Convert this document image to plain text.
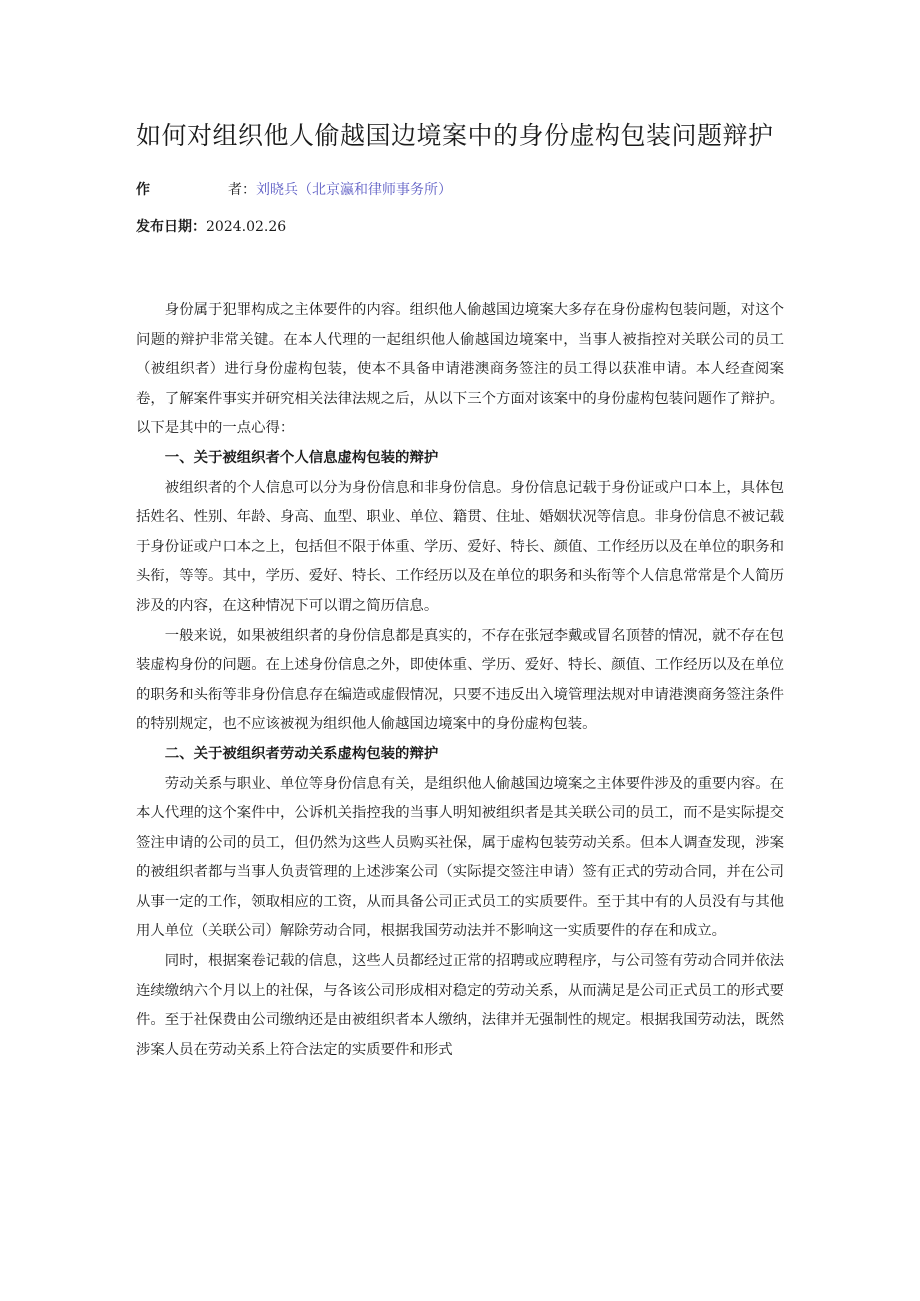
如何对组织他人偷越国边境案中的身份虚构包装问题辩护
作	者： 刘晓兵（北京瀛和律师事务所）
发布日期：2024.02.26

身份属于犯罪构成之主体要件的内容。组织他人偷越国边境案大多存在身份虚构包装问题，对这个问题的辩护非常关键。在本人代理的一起组织他人偷越国边境案中，当事人被指控对关联公司的员工（被组织者）进行身份虚构包装，使本不具备申请港澳商务签注的员工得以获准申请。本人经查阅案卷，了解案件事实并研究相关法律法规之后，从以下三个方面对该案中的身份虚构包装问题作了辩护。以下是其中的一点心得：

一、关于被组织者个人信息虚构包装的辩护

被组织者的个人信息可以分为身份信息和非身份信息。身份信息记载于身份证或户口本上，具体包括姓名、性别、年龄、身高、血型、职业、单位、籍贯、住址、婚姻状况等信息。非身份信息不被记载于身份证或户口本之上，包括但不限于体重、学历、爱好、特长、颜值、工作经历以及在单位的职务和头衔，等等。其中，学历、爱好、特长、工作经历以及在单位的职务和头衔等个人信息常常是个人简历涉及的内容，在这种情况下可以谓之简历信息。

一般来说，如果被组织者的身份信息都是真实的，不存在张冠李戴或冒名顶替的情况，就不存在包装虚构身份的问题。在上述身份信息之外，即使体重、学历、爱好、特长、颜值、工作经历以及在单位的职务和头衔等非身份信息存在编造或虚假情况，只要不违反出入境管理法规对申请港澳商务签注条件的特别规定，也不应该被视为组织他人偷越国边境案中的身份虚构包装。

二、关于被组织者劳动关系虚构包装的辩护

劳动关系与职业、单位等身份信息有关，是组织他人偷越国边境案之主体要件涉及的重要内容。在本人代理的这个案件中，公诉机关指控我的当事人明知被组织者是其关联公司的员工，而不是实际提交签注申请的公司的员工，但仍然为这些人员购买社保，属于虚构包装劳动关系。但本人调查发现，涉案的被组织者都与当事人负责管理的上述涉案公司（实际提交签注申请）签有正式的劳动合同，并在公司从事一定的工作，领取相应的工资，从而具备公司正式员工的实质要件。至于其中有的人员没有与其他用人单位（关联公司）解除劳动合同，根据我国劳动法并不影响这一实质要件的存在和成立。

同时，根据案卷记载的信息，这些人员都经过正常的招聘或应聘程序，与公司签有劳动合同并依法连续缴纳六个月以上的社保，与各该公司形成相对稳定的劳动关系，从而满足是公司正式员工的形式要件。至于社保费由公司缴纳还是由被组织者本人缴纳，法律并无强制性的规定。根据我国劳动法，既然涉案人员在劳动关系上符合法定的实质要件和形式
